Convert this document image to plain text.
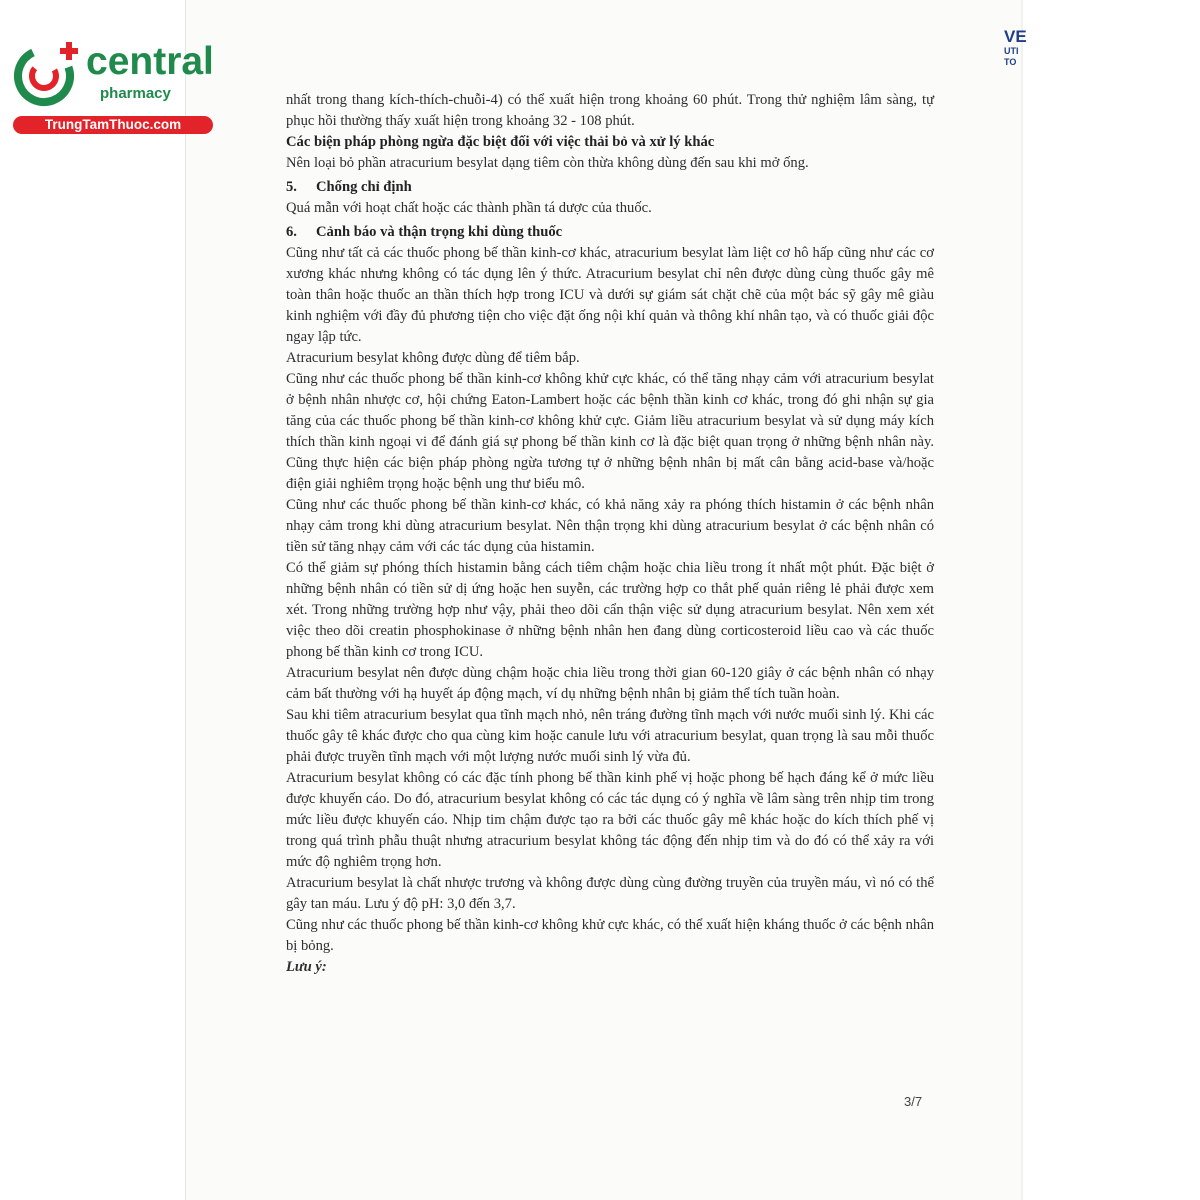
VE
UTI
TO
central
pharmacy
TrungTamThuoc.com

nhất trong thang kích-thích-chuỗi-4) có thể xuất hiện trong khoảng 60 phút. Trong thử nghiệm lâm sàng, tự phục hồi thường thấy xuất hiện trong khoảng 32 - 108 phút.

Các biện pháp phòng ngừa đặc biệt đối với việc thải bỏ và xử lý khác

Nên loại bỏ phần atracurium besylat dạng tiêm còn thừa không dùng đến sau khi mở ống.

5. Chống chỉ định

Quá mẫn với hoạt chất hoặc các thành phần tá dược của thuốc.

6. Cảnh báo và thận trọng khi dùng thuốc

Cũng như tất cả các thuốc phong bế thần kinh-cơ khác, atracurium besylat làm liệt cơ hô hấp cũng như các cơ xương khác nhưng không có tác dụng lên ý thức. Atracurium besylat chỉ nên được dùng cùng thuốc gây mê toàn thân hoặc thuốc an thần thích hợp trong ICU và dưới sự giám sát chặt chẽ của một bác sỹ gây mê giàu kinh nghiệm với đầy đủ phương tiện cho việc đặt ống nội khí quản và thông khí nhân tạo, và có thuốc giải độc ngay lập tức.

Atracurium besylat không được dùng để tiêm bắp.

Cũng như các thuốc phong bế thần kinh-cơ không khử cực khác, có thể tăng nhạy cảm với atracurium besylat ở bệnh nhân nhược cơ, hội chứng Eaton-Lambert hoặc các bệnh thần kinh cơ khác, trong đó ghi nhận sự gia tăng của các thuốc phong bế thần kinh-cơ không khử cực. Giảm liều atracurium besylat và sử dụng máy kích thích thần kinh ngoại vi để đánh giá sự phong bế thần kinh cơ là đặc biệt quan trọng ở những bệnh nhân này. Cũng thực hiện các biện pháp phòng ngừa tương tự ở những bệnh nhân bị mất cân bằng acid-base và/hoặc điện giải nghiêm trọng hoặc bệnh ung thư biểu mô.

Cũng như các thuốc phong bế thần kinh-cơ khác, có khả năng xảy ra phóng thích histamin ở các bệnh nhân nhạy cảm trong khi dùng atracurium besylat. Nên thận trọng khi dùng atracurium besylat ở các bệnh nhân có tiền sử tăng nhạy cảm với các tác dụng của histamin.

Có thể giảm sự phóng thích histamin bằng cách tiêm chậm hoặc chia liều trong ít nhất một phút. Đặc biệt ở những bệnh nhân có tiền sử dị ứng hoặc hen suyễn, các trường hợp co thắt phế quản riêng lẻ phải được xem xét. Trong những trường hợp như vậy, phải theo dõi cẩn thận việc sử dụng atracurium besylat. Nên xem xét việc theo dõi creatin phosphokinase ở những bệnh nhân hen đang dùng corticosteroid liều cao và các thuốc phong bế thần kinh cơ trong ICU.

Atracurium besylat nên được dùng chậm hoặc chia liều trong thời gian 60-120 giây ở các bệnh nhân có nhạy cảm bất thường với hạ huyết áp động mạch, ví dụ những bệnh nhân bị giảm thể tích tuần hoàn.

Sau khi tiêm atracurium besylat qua tĩnh mạch nhỏ, nên tráng đường tĩnh mạch với nước muối sinh lý. Khi các thuốc gây tê khác được cho qua cùng kim hoặc canule lưu với atracurium besylat, quan trọng là sau mỗi thuốc phải được truyền tĩnh mạch với một lượng nước muối sinh lý vừa đủ.

Atracurium besylat không có các đặc tính phong bế thần kinh phế vị hoặc phong bế hạch đáng kể ở mức liều được khuyến cáo. Do đó, atracurium besylat không có các tác dụng có ý nghĩa về lâm sàng trên nhịp tim trong mức liều được khuyến cáo. Nhịp tim chậm được tạo ra bởi các thuốc gây mê khác hoặc do kích thích phế vị trong quá trình phẫu thuật nhưng atracurium besylat không tác động đến nhịp tim và do đó có thể xảy ra với mức độ nghiêm trọng hơn.

Atracurium besylat là chất nhược trương và không được dùng cùng đường truyền của truyền máu, vì nó có thể gây tan máu. Lưu ý độ pH: 3,0 đến 3,7.

Cũng như các thuốc phong bế thần kinh-cơ không khử cực khác, có thể xuất hiện kháng thuốc ở các bệnh nhân bị bỏng.

Lưu ý:

3/7
